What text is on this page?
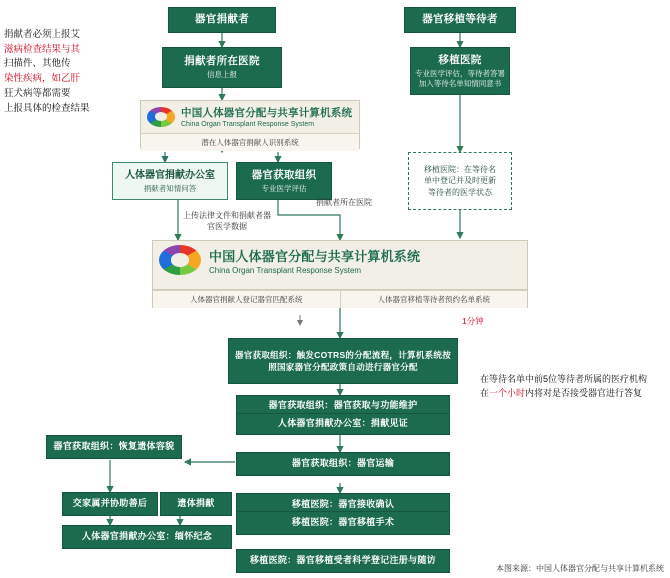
捐献者必须上报艾
滋病检查结果与其
扫描件、其他传
染性疾病，如乙肝
狂犬病等都需要
上报具体的检查结果
器官捐献者
捐献者所在医院
信息上报
器官移植等待者
移植医院
专业医学评估，等待者答署加入等待名单知情同意书
中国人体器官分配与共享计算机系统
China Organ Transplant Response System
潜在人体器官捐献人识别系统
移植医院：在等待名
单中登记并及时更新
等待者的医学状态
人体器官捐献办公室
捐献者知情问答
器官获取组织
专业医学评估
上传法律文件和捐献者器官医学数据
捐献者所在医院
中国人体器官分配与共享计算机系统
China Organ Transplant Response System
人体器官捐献人登记器官匹配系统	人体器官移植等待者预约名单系统
1分钟
器官获取组织：触发COTRS的分配流程，计算机系统按照国家器官分配政策自动进行器官分配
在等待名单中前5位等待者所属的医疗机构
在一个小时内将对是否接受器官进行答复
器官获取组织：器官获取与功能维护
人体器官捐献办公室：捐献见证
器官获取组织：器官运输
移植医院：器官接收确认
移植医院：器官移植手术
移植医院：器官移植受者科学登记注册与随访
器官获取组织：恢复遗体容貌
交家属并协助善后	遗体捐献
人体器官捐献办公室：缅怀纪念
本图来源：中国人体器官分配与共享计算机系统
